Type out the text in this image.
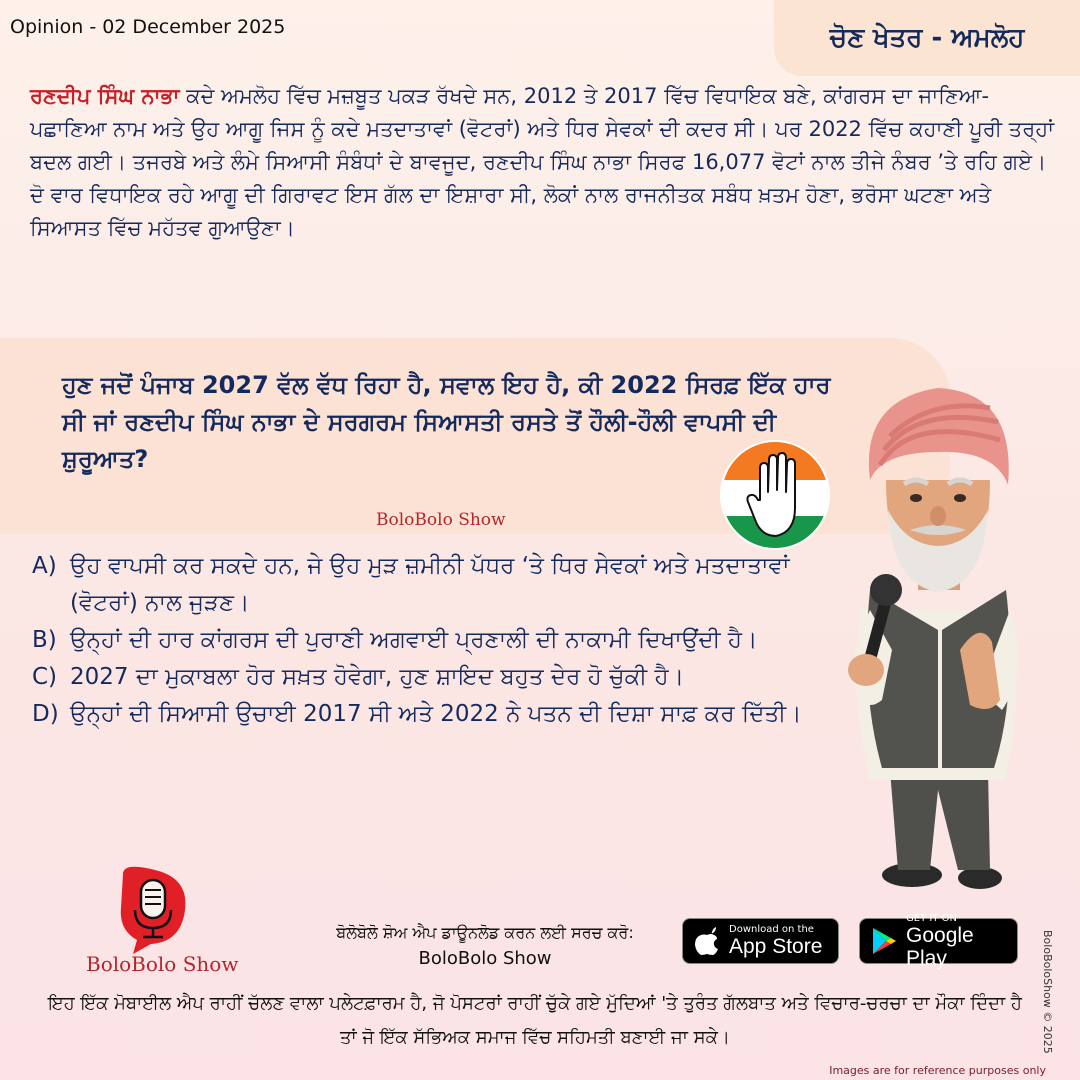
Opinion - 02 December 2025	ਚੋਣ ਖੇਤਰ - ਅਮਲੋਹ

ਰਣਦੀਪ ਸਿੰਘ ਨਾਭਾ ਕਦੇ ਅਮਲੋਹ ਵਿੱਚ ਮਜ਼ਬੂਤ ਪਕੜ ਰੱਖਦੇ ਸਨ, 2012 ਤੇ 2017 ਵਿੱਚ ਵਿਧਾਇਕ ਬਣੇ, ਕਾਂਗਰਸ ਦਾ ਜਾਣਿਆ-ਪਛਾਣਿਆ ਨਾਮ ਅਤੇ ਉਹ ਆਗੂ ਜਿਸ ਨੂੰ ਕਦੇ ਮਤਦਾਤਾਵਾਂ (ਵੋਟਰਾਂ) ਅਤੇ ਧਿਰ ਸੇਵਕਾਂ ਦੀ ਕਦਰ ਸੀ। ਪਰ 2022 ਵਿੱਚ ਕਹਾਣੀ ਪੂਰੀ ਤਰ੍ਹਾਂ ਬਦਲ ਗਈ। ਤਜਰਬੇ ਅਤੇ ਲੰਮੇ ਸਿਆਸੀ ਸੰਬੰਧਾਂ ਦੇ ਬਾਵਜੂਦ, ਰਣਦੀਪ ਸਿੰਘ ਨਾਭਾ ਸਿਰਫ 16,077 ਵੋਟਾਂ ਨਾਲ ਤੀਜੇ ਨੰਬਰ ’ਤੇ ਰਹਿ ਗਏ। ਦੋ ਵਾਰ ਵਿਧਾਇਕ ਰਹੇ ਆਗੂ ਦੀ ਗਿਰਾਵਟ ਇਸ ਗੱਲ ਦਾ ਇਸ਼ਾਰਾ ਸੀ, ਲੋਕਾਂ ਨਾਲ ਰਾਜਨੀਤਕ ਸਬੰਧ ਖ਼ਤਮ ਹੋਣਾ, ਭਰੋਸਾ ਘਟਣਾ ਅਤੇ ਸਿਆਸਤ ਵਿੱਚ ਮਹੱਤਵ ਗੁਆਉਣਾ।

ਹੁਣ ਜਦੋਂ ਪੰਜਾਬ 2027 ਵੱਲ ਵੱਧ ਰਿਹਾ ਹੈ, ਸਵਾਲ ਇਹ ਹੈ, ਕੀ 2022 ਸਿਰਫ਼ ਇੱਕ ਹਾਰ ਸੀ ਜਾਂ ਰਣਦੀਪ ਸਿੰਘ ਨਾਭਾ ਦੇ ਸਰਗਰਮ ਸਿਆਸਤੀ ਰਸਤੇ ਤੋਂ ਹੌਲੀ-ਹੌਲੀ ਵਾਪਸੀ ਦੀ ਸ਼ੁਰੂਆਤ?

BoloBolo Show
A) ਉਹ ਵਾਪਸੀ ਕਰ ਸਕਦੇ ਹਨ, ਜੇ ਉਹ ਮੁੜ ਜ਼ਮੀਨੀ ਪੱਧਰ ‘ਤੇ ਧਿਰ ਸੇਵਕਾਂ ਅਤੇ ਮਤਦਾਤਾਵਾਂ (ਵੋਟਰਾਂ) ਨਾਲ ਜੁੜਣ।
B) ਉਨ੍ਹਾਂ ਦੀ ਹਾਰ ਕਾਂਗਰਸ ਦੀ ਪੁਰਾਣੀ ਅਗਵਾਈ ਪ੍ਰਣਾਲੀ ਦੀ ਨਾਕਾਮੀ ਦਿਖਾਉਂਦੀ ਹੈ।
C) 2027 ਦਾ ਮੁਕਾਬਲਾ ਹੋਰ ਸਖ਼ਤ ਹੋਵੇਗਾ, ਹੁਣ ਸ਼ਾਇਦ ਬਹੁਤ ਦੇਰ ਹੋ ਚੁੱਕੀ ਹੈ।
D) ਉਨ੍ਹਾਂ ਦੀ ਸਿਆਸੀ ਉਚਾਈ 2017 ਸੀ ਅਤੇ 2022 ਨੇ ਪਤਨ ਦੀ ਦਿਸ਼ਾ ਸਾਫ਼ ਕਰ ਦਿੱਤੀ।
BoloBolo Show
ਬੋਲੋਬੋਲੋ ਸ਼ੋਅ ਐਪ ਡਾਊਨਲੋਡ ਕਰਨ ਲਈ ਸਰਚ ਕਰੋ:
BoloBolo Show
Download on the
App Store
GET IT ON
Google Play

ਇਹ ਇੱਕ ਮੋਬਾਈਲ ਐਪ ਰਾਹੀਂ ਚੱਲਣ ਵਾਲਾ ਪਲੇਟਫ਼ਾਰਮ ਹੈ, ਜੋ ਪੋਸਟਰਾਂ ਰਾਹੀਂ ਚੁੱਕੇ ਗਏ ਮੁੱਦਿਆਂ 'ਤੇ ਤੁਰੰਤ ਗੱਲਬਾਤ ਅਤੇ ਵਿਚਾਰ-ਚਰਚਾ ਦਾ ਮੌਕਾ ਦਿੰਦਾ ਹੈ ਤਾਂ ਜੋ ਇੱਕ ਸੱਭਿਅਕ ਸਮਾਜ ਵਿੱਚ ਸਹਿਮਤੀ ਬਣਾਈ ਜਾ ਸਕੇ।	BoloBoloShow © 2025
Images are for reference purposes only
